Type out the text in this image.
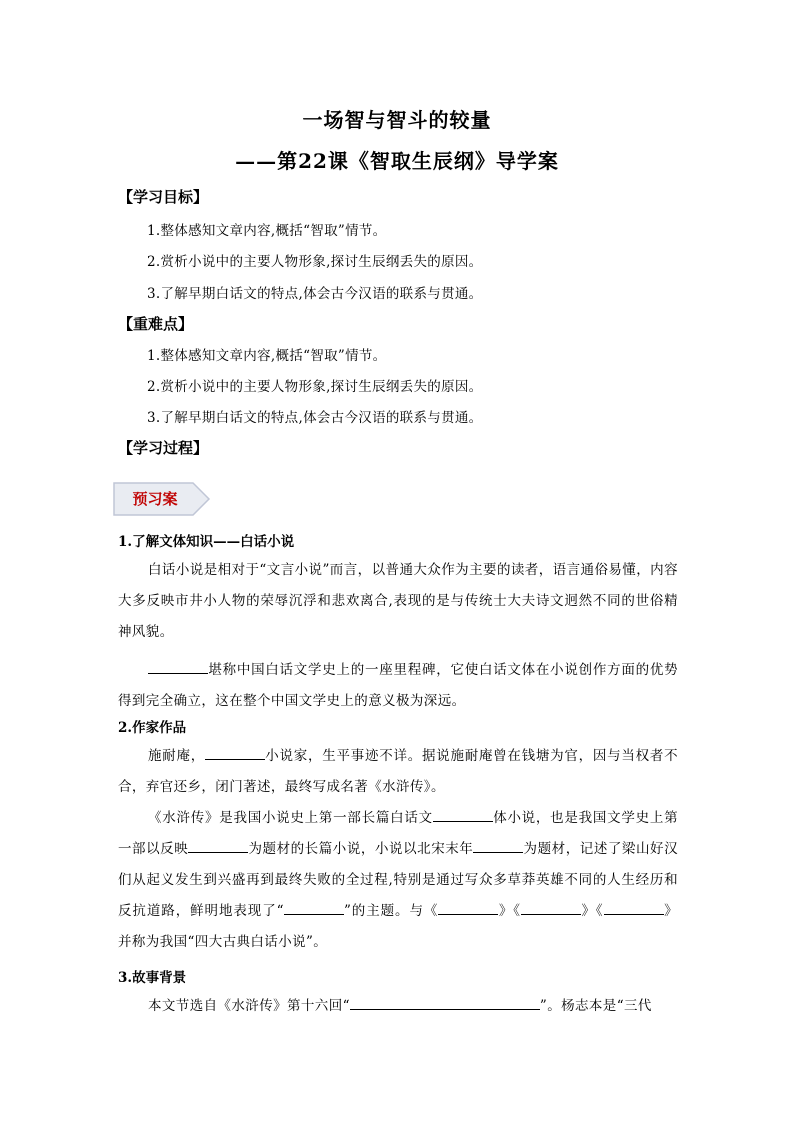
一场智与智斗的较量
——第22课《智取生辰纲》导学案
【学习目标】
1.整体感知文章内容,概括“智取”情节。
2.赏析小说中的主要人物形象,探讨生辰纲丢失的原因。
3.了解早期白话文的特点,体会古今汉语的联系与贯通。
【重难点】
1.整体感知文章内容,概括“智取”情节。
2.赏析小说中的主要人物形象,探讨生辰纲丢失的原因。
3.了解早期白话文的特点,体会古今汉语的联系与贯通。
【学习过程】
预习案
1.了解文体知识——白话小说
白话小说是相对于“文言小说”而言，以普通大众作为主要的读者，语言通俗易懂，内容大多反映市井小人物的荣辱沉浮和悲欢离合,表现的是与传统士大夫诗文迥然不同的世俗精神风貌。
堪称中国白话文学史上的一座里程碑，它使白话文体在小说创作方面的优势得到完全确立，这在整个中国文学史上的意义极为深远。
2.作家作品
施耐庵，	小说家，生平事迹不详。据说施耐庵曾在钱塘为官，因与当权者不合，弃官还乡，闭门著述，最终写成名著《水浒传》。
《水浒传》是我国小说史上第一部长篇白话文	体小说，也是我国文学史上第一部以反映	为题材的长篇小说，小说以北宋末年	为题材，记述了梁山好汉们从起义发生到兴盛再到最终失败的全过程,特别是通过写众多草莽英雄不同的人生经历和反抗道路，鲜明地表现了“	”的主题。与《	》《	》《	》并称为我国“四大古典白话小说”。
3.故事背景
本文节选自《水浒传》第十六回“	”。杨志本是“三代
